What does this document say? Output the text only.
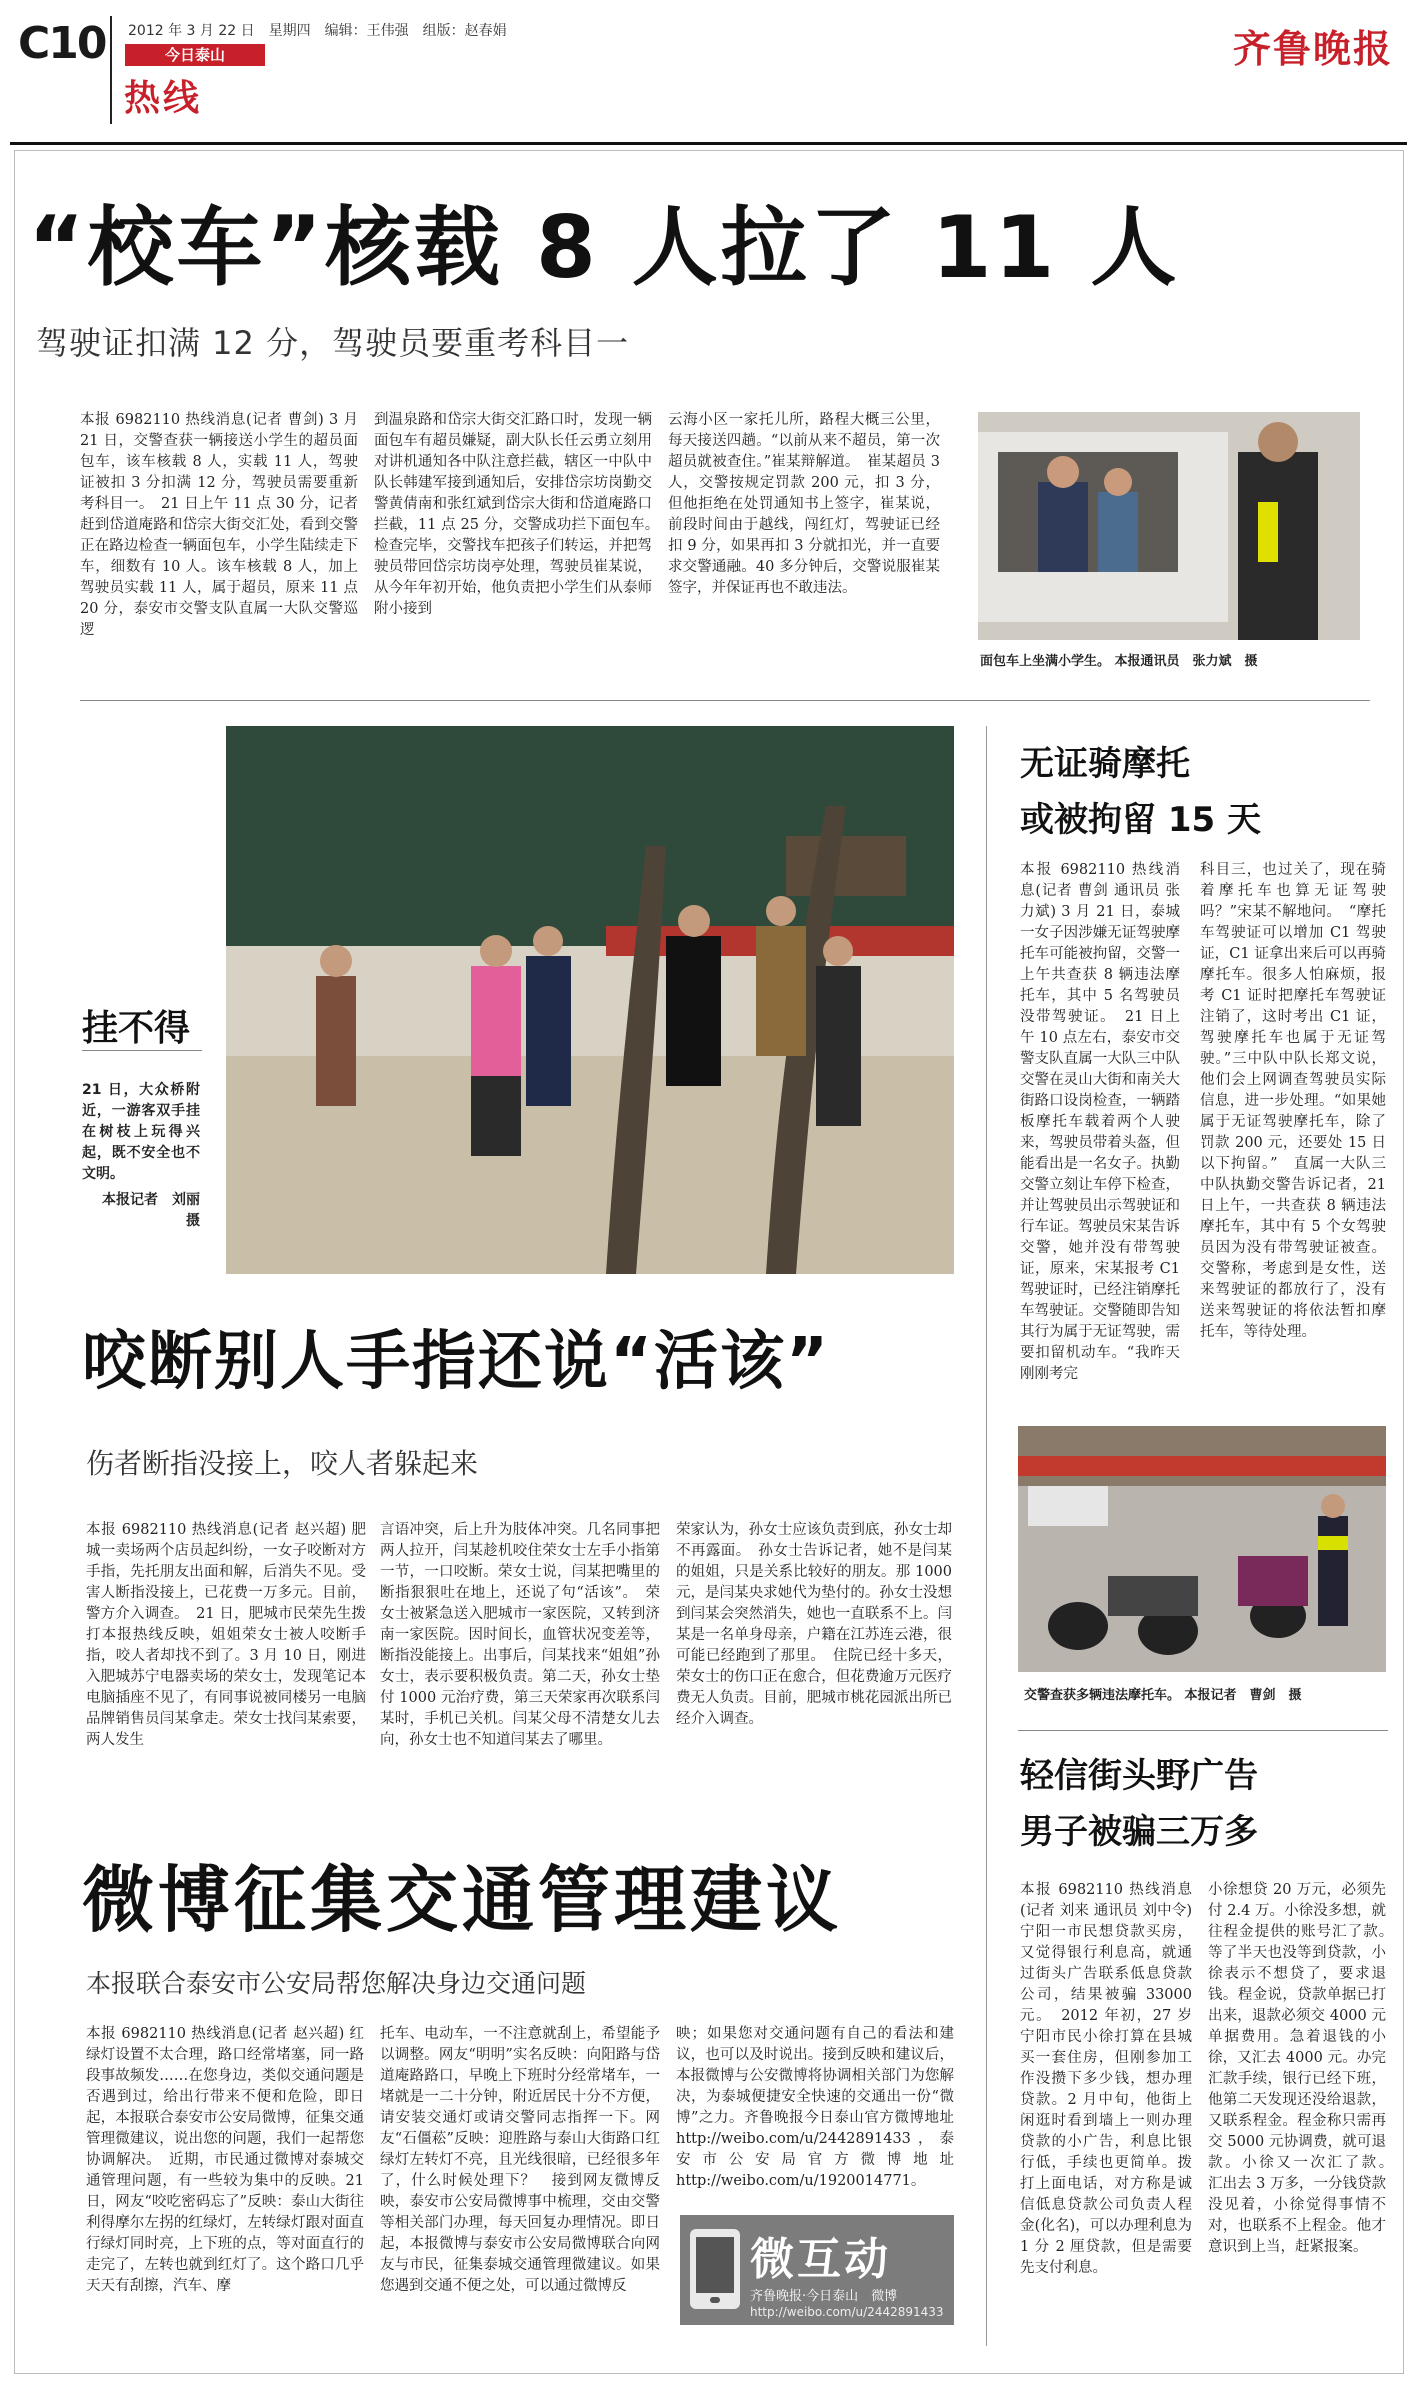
C10 2012 年 3 月 22 日　星期四　编辑：王伟强　组版：赵春娟
今日泰山
热线
齐鲁晚报
“校车”核载 8 人拉了 11 人
驾驶证扣满 12 分，驾驶员要重考科目一
本报 6982110 热线消息(记者 曹剑) 3 月 21 日，交警查获一辆接送小学生的超员面包车，该车核载 8 人，实载 11 人，驾驶证被扣 3 分扣满 12 分，驾驶员需要重新考科目一。　21 日上午 11 点 30 分，记者赶到岱道庵路和岱宗大街交汇处，看到交警正在路边检查一辆面包车，小学生陆续走下车，细数有 10 人。该车核载 8 人，加上驾驶员实载 11 人，属于超员，原来 11 点 20 分，泰安市交警支队直属一大队交警巡逻
到温泉路和岱宗大街交汇路口时，发现一辆面包车有超员嫌疑，副大队长任云勇立刻用对讲机通知各中队注意拦截，辖区一中队中队长韩建军接到通知后，安排岱宗坊岗勤交警黄倩南和张红斌到岱宗大街和岱道庵路口拦截，11 点 25 分，交警成功拦下面包车。　检查完毕，交警找车把孩子们转运，并把驾驶员带回岱宗坊岗亭处理，驾驶员崔某说，从今年年初开始，他负责把小学生们从泰师附小接到
云海小区一家托儿所，路程大概三公里，每天接送四趟。“以前从来不超员，第一次超员就被查住。”崔某辩解道。　崔某超员 3 人，交警按规定罚款 200 元，扣 3 分，但他拒绝在处罚通知书上签字，崔某说，前段时间由于越线，闯红灯，驾驶证已经扣 9 分，如果再扣 3 分就扣光，并一直要求交警通融。40 多分钟后，交警说服崔某签字，并保证再也不敢违法。
面包车上坐满小学生。 本报通讯员　张力斌　摄
挂不得
21 日，大众桥附近，一游客双手挂在树枝上玩得兴起，既不安全也不文明。
本报记者　刘丽　摄
咬断别人手指还说“活该”
伤者断指没接上，咬人者躲起来
本报 6982110 热线消息(记者 赵兴超) 肥城一卖场两个店员起纠纷，一女子咬断对方手指，先托朋友出面和解，后消失不见。受害人断指没接上，已花费一万多元。目前，警方介入调查。　21 日，肥城市民荣先生拨打本报热线反映，姐姐荣女士被人咬断手指，咬人者却找不到了。3 月 10 日，刚进入肥城苏宁电器卖场的荣女士，发现笔记本电脑插座不见了，有同事说被同楼另一电脑品牌销售员闫某拿走。荣女士找闫某索要，两人发生
言语冲突，后上升为肢体冲突。几名同事把两人拉开，闫某趁机咬住荣女士左手小指第一节，一口咬断。荣女士说，闫某把嘴里的断指狠狠吐在地上，还说了句“活该”。　荣女士被紧急送入肥城市一家医院，又转到济南一家医院。因时间长，血管状况变差等，断指没能接上。出事后，闫某找来“姐姐”孙女士，表示要积极负责。第二天，孙女士垫付 1000 元治疗费，第三天荣家再次联系闫某时，手机已关机。闫某父母不清楚女儿去向，孙女士也不知道闫某去了哪里。
荣家认为，孙女士应该负责到底，孙女士却不再露面。　孙女士告诉记者，她不是闫某的姐姐，只是关系比较好的朋友。那 1000 元，是闫某央求她代为垫付的。孙女士没想到闫某会突然消失，她也一直联系不上。闫某是一名单身母亲，户籍在江苏连云港，很可能已经跑到了那里。　住院已经十多天，荣女士的伤口正在愈合，但花费逾万元医疗费无人负责。目前，肥城市桃花园派出所已经介入调查。
无证骑摩托
或被拘留 15 天
本报 6982110 热线消息(记者 曹剑 通讯员 张力斌) 3 月 21 日，泰城一女子因涉嫌无证驾驶摩托车可能被拘留，交警一上午共查获 8 辆违法摩托车，其中 5 名驾驶员没带驾驶证。　21 日上午 10 点左右，泰安市交警支队直属一大队三中队交警在灵山大街和南关大街路口设岗检查，一辆踏板摩托车载着两个人驶来，驾驶员带着头盔，但能看出是一名女子。执勤交警立刻让车停下检查，并让驾驶员出示驾驶证和行车证。驾驶员宋某告诉交警，她并没有带驾驶证，原来，宋某报考 C1 驾驶证时，已经注销摩托车驾驶证。交警随即告知其行为属于无证驾驶，需要扣留机动车。“我昨天刚刚考完
科目三，也过关了，现在骑着摩托车也算无证驾驶吗？”宋某不解地问。　“摩托车驾驶证可以增加 C1 驾驶证，C1 证拿出来后可以再骑摩托车。很多人怕麻烦，报考 C1 证时把摩托车驾驶证注销了，这时考出 C1 证，驾驶摩托车也属于无证驾驶。”三中队中队长郑文说，他们会上网调查驾驶员实际信息，进一步处理。“如果她属于无证驾驶摩托车，除了罚款 200 元，还要处 15 日以下拘留。”　直属一大队三中队执勤交警告诉记者，21 日上午，一共查获 8 辆违法摩托车，其中有 5 个女驾驶员因为没有带驾驶证被查。交警称，考虑到是女性，送来驾驶证的都放行了，没有送来驾驶证的将依法暂扣摩托车，等待处理。
交警查获多辆违法摩托车。 本报记者　曹剑　摄
轻信街头野广告
男子被骗三万多
本报 6982110 热线消息(记者 刘来 通讯员 刘中令) 宁阳一市民想贷款买房，又觉得银行利息高，就通过街头广告联系低息贷款公司，结果被骗 33000 元。　2012 年初，27 岁宁阳市民小徐打算在县城买一套住房，但刚参加工作没攒下多少钱，想办理贷款。2 月中旬，他街上闲逛时看到墙上一则办理贷款的小广告，利息比银行低，手续也更简单。拨打上面电话，对方称是诚信低息贷款公司负责人程金(化名)，可以办理利息为 1 分 2 厘贷款，但是需要先支付利息。
小徐想贷 20 万元，必须先付 2.4 万。小徐没多想，就往程金提供的账号汇了款。　等了半天也没等到贷款，小徐表示不想贷了，要求退钱。程金说，贷款单据已打出来，退款必须交 4000 元单据费用。急着退钱的小徐，又汇去 4000 元。办完汇款手续，银行已经下班，他第二天发现还没给退款，又联系程金。程金称只需再交 5000 元协调费，就可退款。小徐又一次汇了款。　汇出去 3 万多，一分钱贷款没见着，小徐觉得事情不对，也联系不上程金。他才意识到上当，赶紧报案。
微博征集交通管理建议
本报联合泰安市公安局帮您解决身边交通问题
本报 6982110 热线消息(记者 赵兴超) 红绿灯设置不太合理，路口经常堵塞，同一路段事故频发……在您身边，类似交通问题是否遇到过，给出行带来不便和危险，即日起，本报联合泰安市公安局微博，征集交通管理微建议，说出您的问题，我们一起帮您协调解决。　近期，市民通过微博对泰城交通管理问题，有一些较为集中的反映。21 日，网友“咬吃密码忘了”反映：泰山大街往利得摩尔左拐的红绿灯，左转绿灯跟对面直行绿灯同时亮，上下班的点，等对面直行的走完了，左转也就到红灯了。这个路口几乎天天有刮擦，汽车、摩
托车、电动车，一不注意就刮上，希望能予以调整。网友“明明”实名反映：向阳路与岱道庵路路口，早晚上下班时分经常堵车，一堵就是一二十分钟，附近居民十分不方便，请安装交通灯或请交警同志指挥一下。网友“石僵菘”反映：迎胜路与泰山大街路口红绿灯左转灯不亮，且光线很暗，已经很多年了，什么时候处理下？　接到网友微博反映，泰安市公安局微博事中梳理，交由交警等相关部门办理，每天回复办理情况。即日起，本报微博与泰安市公安局微博联合向网友与市民，征集泰城交通管理微建议。如果您遇到交通不便之处，可以通过微博反
映；如果您对交通问题有自己的看法和建议，也可以及时说出。接到反映和建议后，本报微博与公安微博将协调相关部门为您解决，为泰城便捷安全快速的交通出一份“微博”之力。齐鲁晚报今日泰山官方微博地址 http://weibo.com/u/2442891433，泰安市公安局官方微博地址 http://weibo.com/u/1920014771。
微互动
齐鲁晚报·今日泰山　微博
http://weibo.com/u/2442891433
